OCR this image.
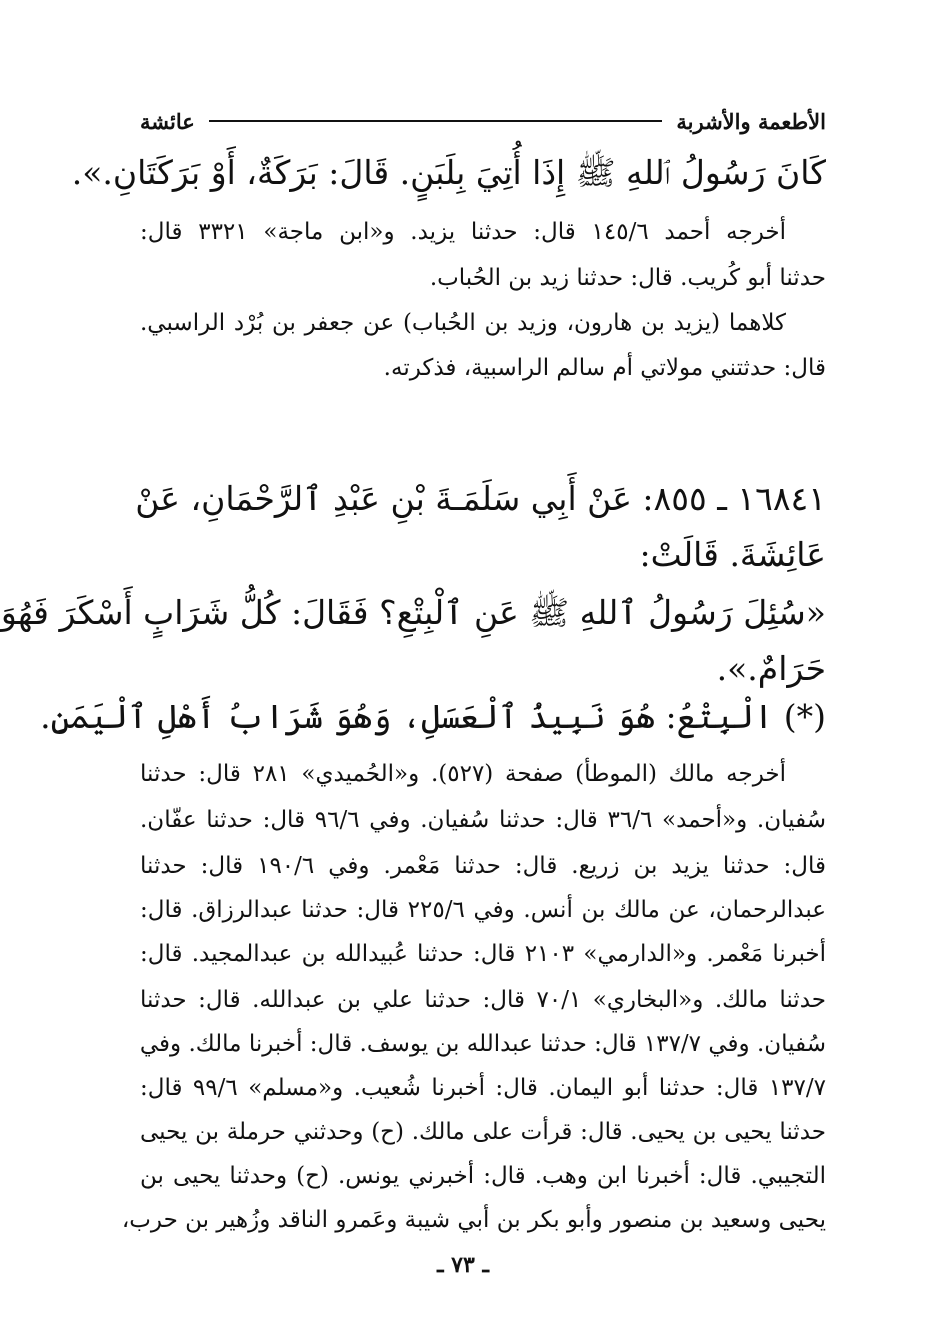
الأطعمة والأشربة
عائشة
كَانَ رَسُولُ ٱللهِ ﷺ إِذَا أُتِيَ بِلَبَنٍ. قَالَ: بَرَكَةٌ، أَوْ بَرَكَتَانِ.».
أخرجه أحمد ١٤٥/٦ قال: حدثنا يزيد. و«ابن ماجة» ٣٣٢١ قال:
حدثنا أبو كُريب. قال: حدثنا زيد بن الحُباب.
كلاهما (يزيد بن هارون، وزيد بن الحُباب) عن جعفر بن بُرْد الراسبي.
قال: حدثتني مولاتي أم سالم الراسبية، فذكرته.
١٦٨٤١ ـ ٨٥٥: عَنْ أَبِي سَلَمَـةَ بْنِ عَبْدِ ٱلرَّحْمَانِ، عَنْ
عَائِشَةَ. قَالَتْ:
«سُئِلَ رَسُولُ ٱللهِ ﷺ عَنِ ٱلْبِتْعِ؟ فَقَالَ: كُلُّ شَرَابٍ أَسْكَرَ فَهُوَ
حَرَامٌ.».
(*) الْبِتْعُ: هُوَ نَبِيذُ ٱلْعَسَلِ، وَهُوَ شَرَابُ أَهْلِ ٱلْيَمَنِ.
أخرجه مالك (الموطأ) صفحة (٥٢٧). و«الحُميدي» ٢٨١ قال: حدثنا
سُفيان. و«أحمد» ٣٦/٦ قال: حدثنا سُفيان. وفي ٩٦/٦ قال: حدثنا عفّان.
قال: حدثنا يزيد بن زريع. قال: حدثنا مَعْمر. وفي ١٩٠/٦ قال: حدثنا
عبدالرحمان، عن مالك بن أنس. وفي ٢٢٥/٦ قال: حدثنا عبدالرزاق. قال:
أخبرنا مَعْمر. و«الدارمي» ٢١٠٣ قال: حدثنا عُبيدالله بن عبدالمجيد. قال:
حدثنا مالك. و«البخاري» ٧٠/١ قال: حدثنا علي بن عبدالله. قال: حدثنا
سُفيان. وفي ١٣٧/٧ قال: حدثنا عبدالله بن يوسف. قال: أخبرنا مالك. وفي
١٣٧/٧ قال: حدثنا أبو اليمان. قال: أخبرنا شُعيب. و«مسلم» ٩٩/٦ قال:
حدثنا يحيى بن يحيى. قال: قرأت على مالك. (ح) وحدثني حرملة بن يحيى
التجيبي. قال: أخبرنا ابن وهب. قال: أخبرني يونس. (ح) وحدثنا يحيى بن
يحيى وسعيد بن منصور وأبو بكر بن أبي شيبة وعَمرو الناقد وزُهير بن حرب،
ـ ٧٣ ـ
